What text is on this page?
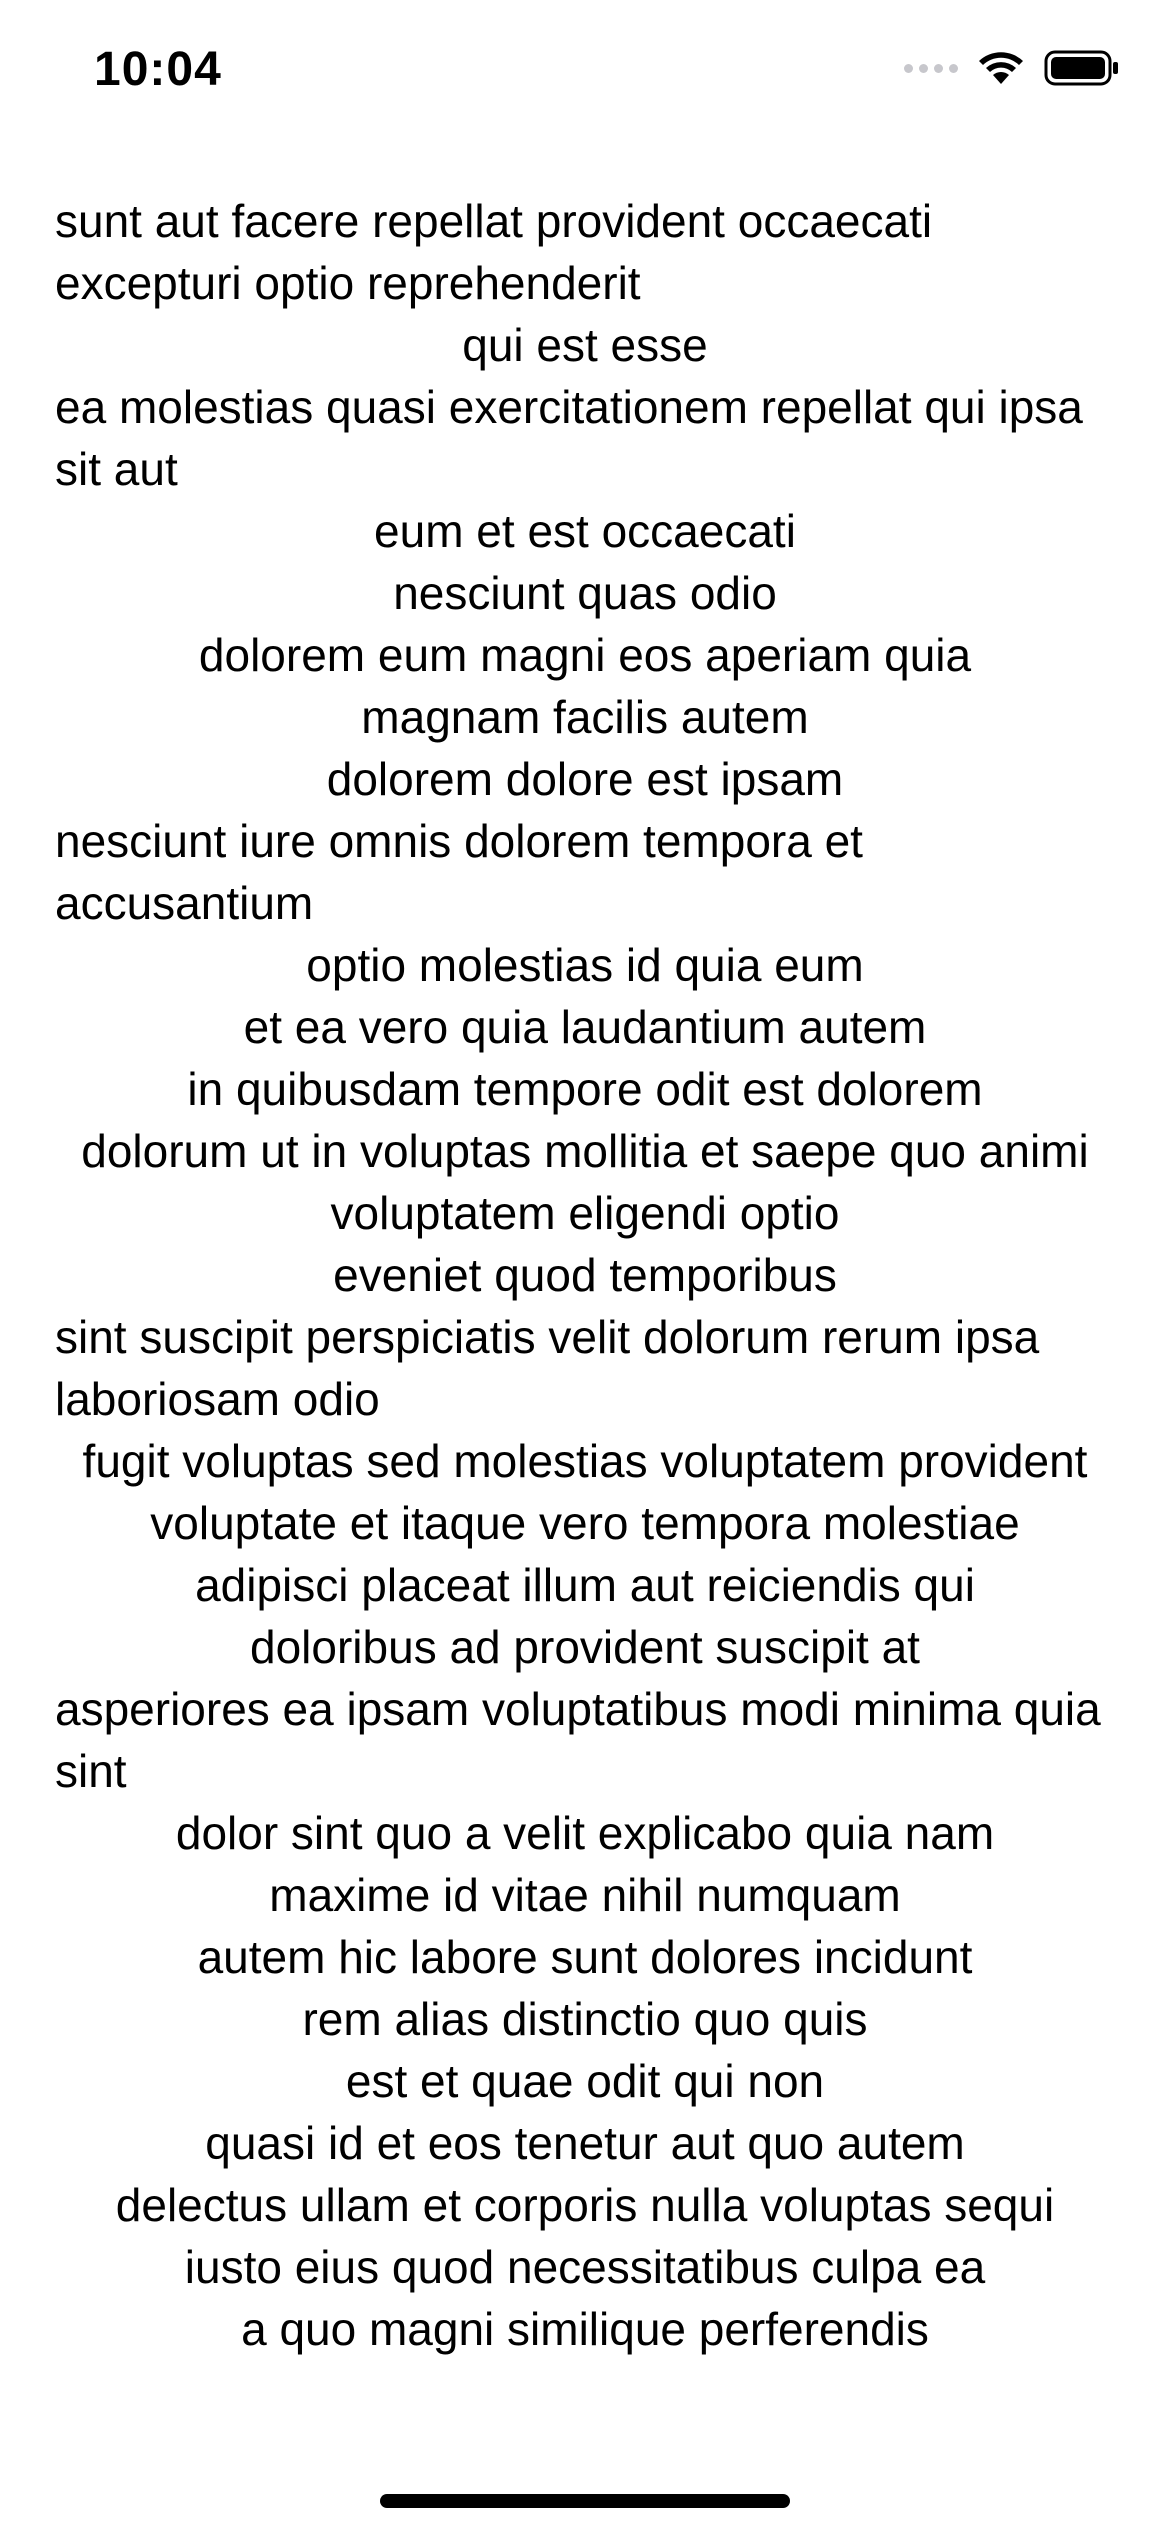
10:04
sunt aut facere repellat provident occaecati excepturi optio reprehenderit
qui est esse
ea molestias quasi exercitationem repellat qui ipsa sit aut
eum et est occaecati
nesciunt quas odio
dolorem eum magni eos aperiam quia
magnam facilis autem
dolorem dolore est ipsam
nesciunt iure omnis dolorem tempora et accusantium
optio molestias id quia eum
et ea vero quia laudantium autem
in quibusdam tempore odit est dolorem
dolorum ut in voluptas mollitia et saepe quo animi
voluptatem eligendi optio
eveniet quod temporibus
sint suscipit perspiciatis velit dolorum rerum ipsa laboriosam odio
fugit voluptas sed molestias voluptatem provident
voluptate et itaque vero tempora molestiae
adipisci placeat illum aut reiciendis qui
doloribus ad provident suscipit at
asperiores ea ipsam voluptatibus modi minima quia sint
dolor sint quo a velit explicabo quia nam
maxime id vitae nihil numquam
autem hic labore sunt dolores incidunt
rem alias distinctio quo quis
est et quae odit qui non
quasi id et eos tenetur aut quo autem
delectus ullam et corporis nulla voluptas sequi
iusto eius quod necessitatibus culpa ea
a quo magni similique perferendis
